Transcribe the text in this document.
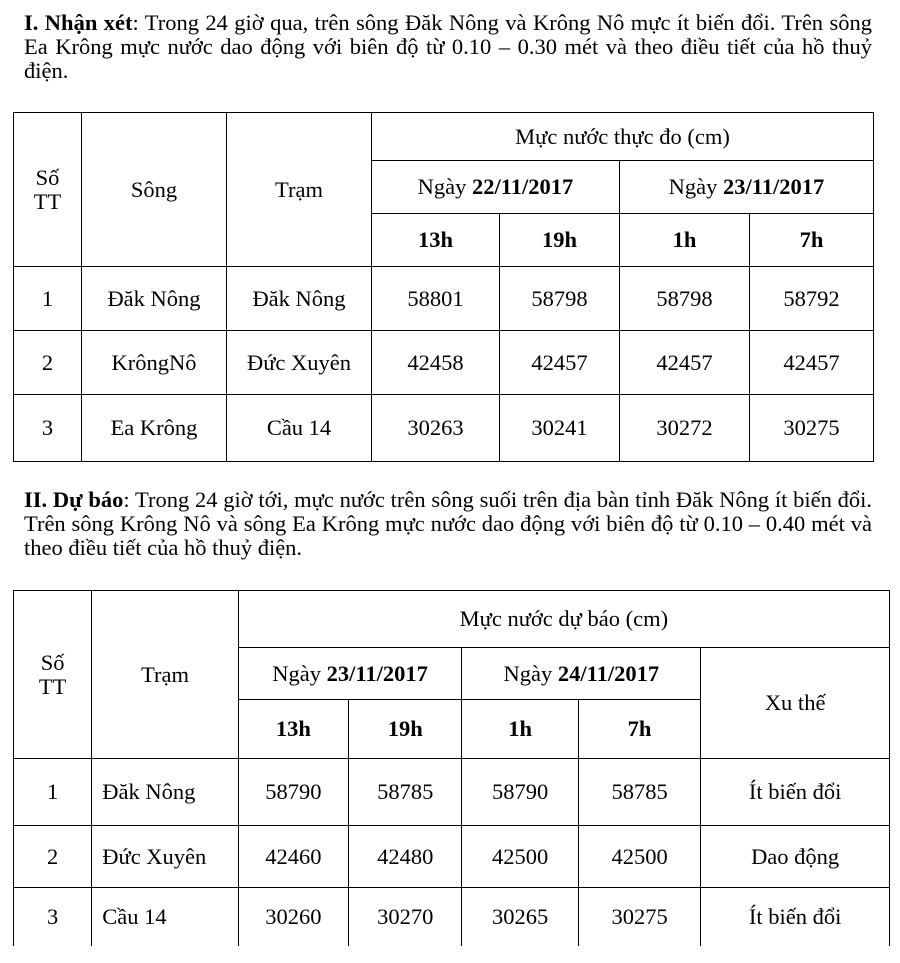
I. Nhận xét: Trong 24 giờ qua, trên sông Đăk Nông và Krông Nô mực ít biến đổi. Trên sông Ea Krông mực nước dao động với biên độ từ 0.10 – 0.30 mét và theo điều tiết của hồ thuỷ điện.

Số
TT	Sông	Trạm	Mực nước thực đo (cm)			
			Ngày 22/11/2017		Ngày 23/11/2017	
			13h	19h	1h	7h
1	Đăk Nông	Đăk Nông	58801	58798	58798	58792
2	KrôngNô	Đức Xuyên	42458	42457	42457	42457
3	Ea Krông	Cầu 14	30263	30241	30272	30275

II. Dự báo: Trong 24 giờ tới, mực nước trên sông suối trên địa bàn tỉnh Đăk Nông ít biến đổi. Trên sông Krông Nô và sông Ea Krông mực nước dao động với biên độ từ 0.10 – 0.40 mét và theo điều tiết của hồ thuỷ điện.

Số
TT	Trạm	Mực nước dự báo (cm)				
		Ngày 23/11/2017		Ngày 24/11/2017		Xu thế
		13h	19h	1h	7h	
1	Đăk Nông	58790	58785	58790	58785	Ít biến đổi
2	Đức Xuyên	42460	42480	42500	42500	Dao động
3	Cầu 14	30260	30270	30265	30275	Ít biến đổi
